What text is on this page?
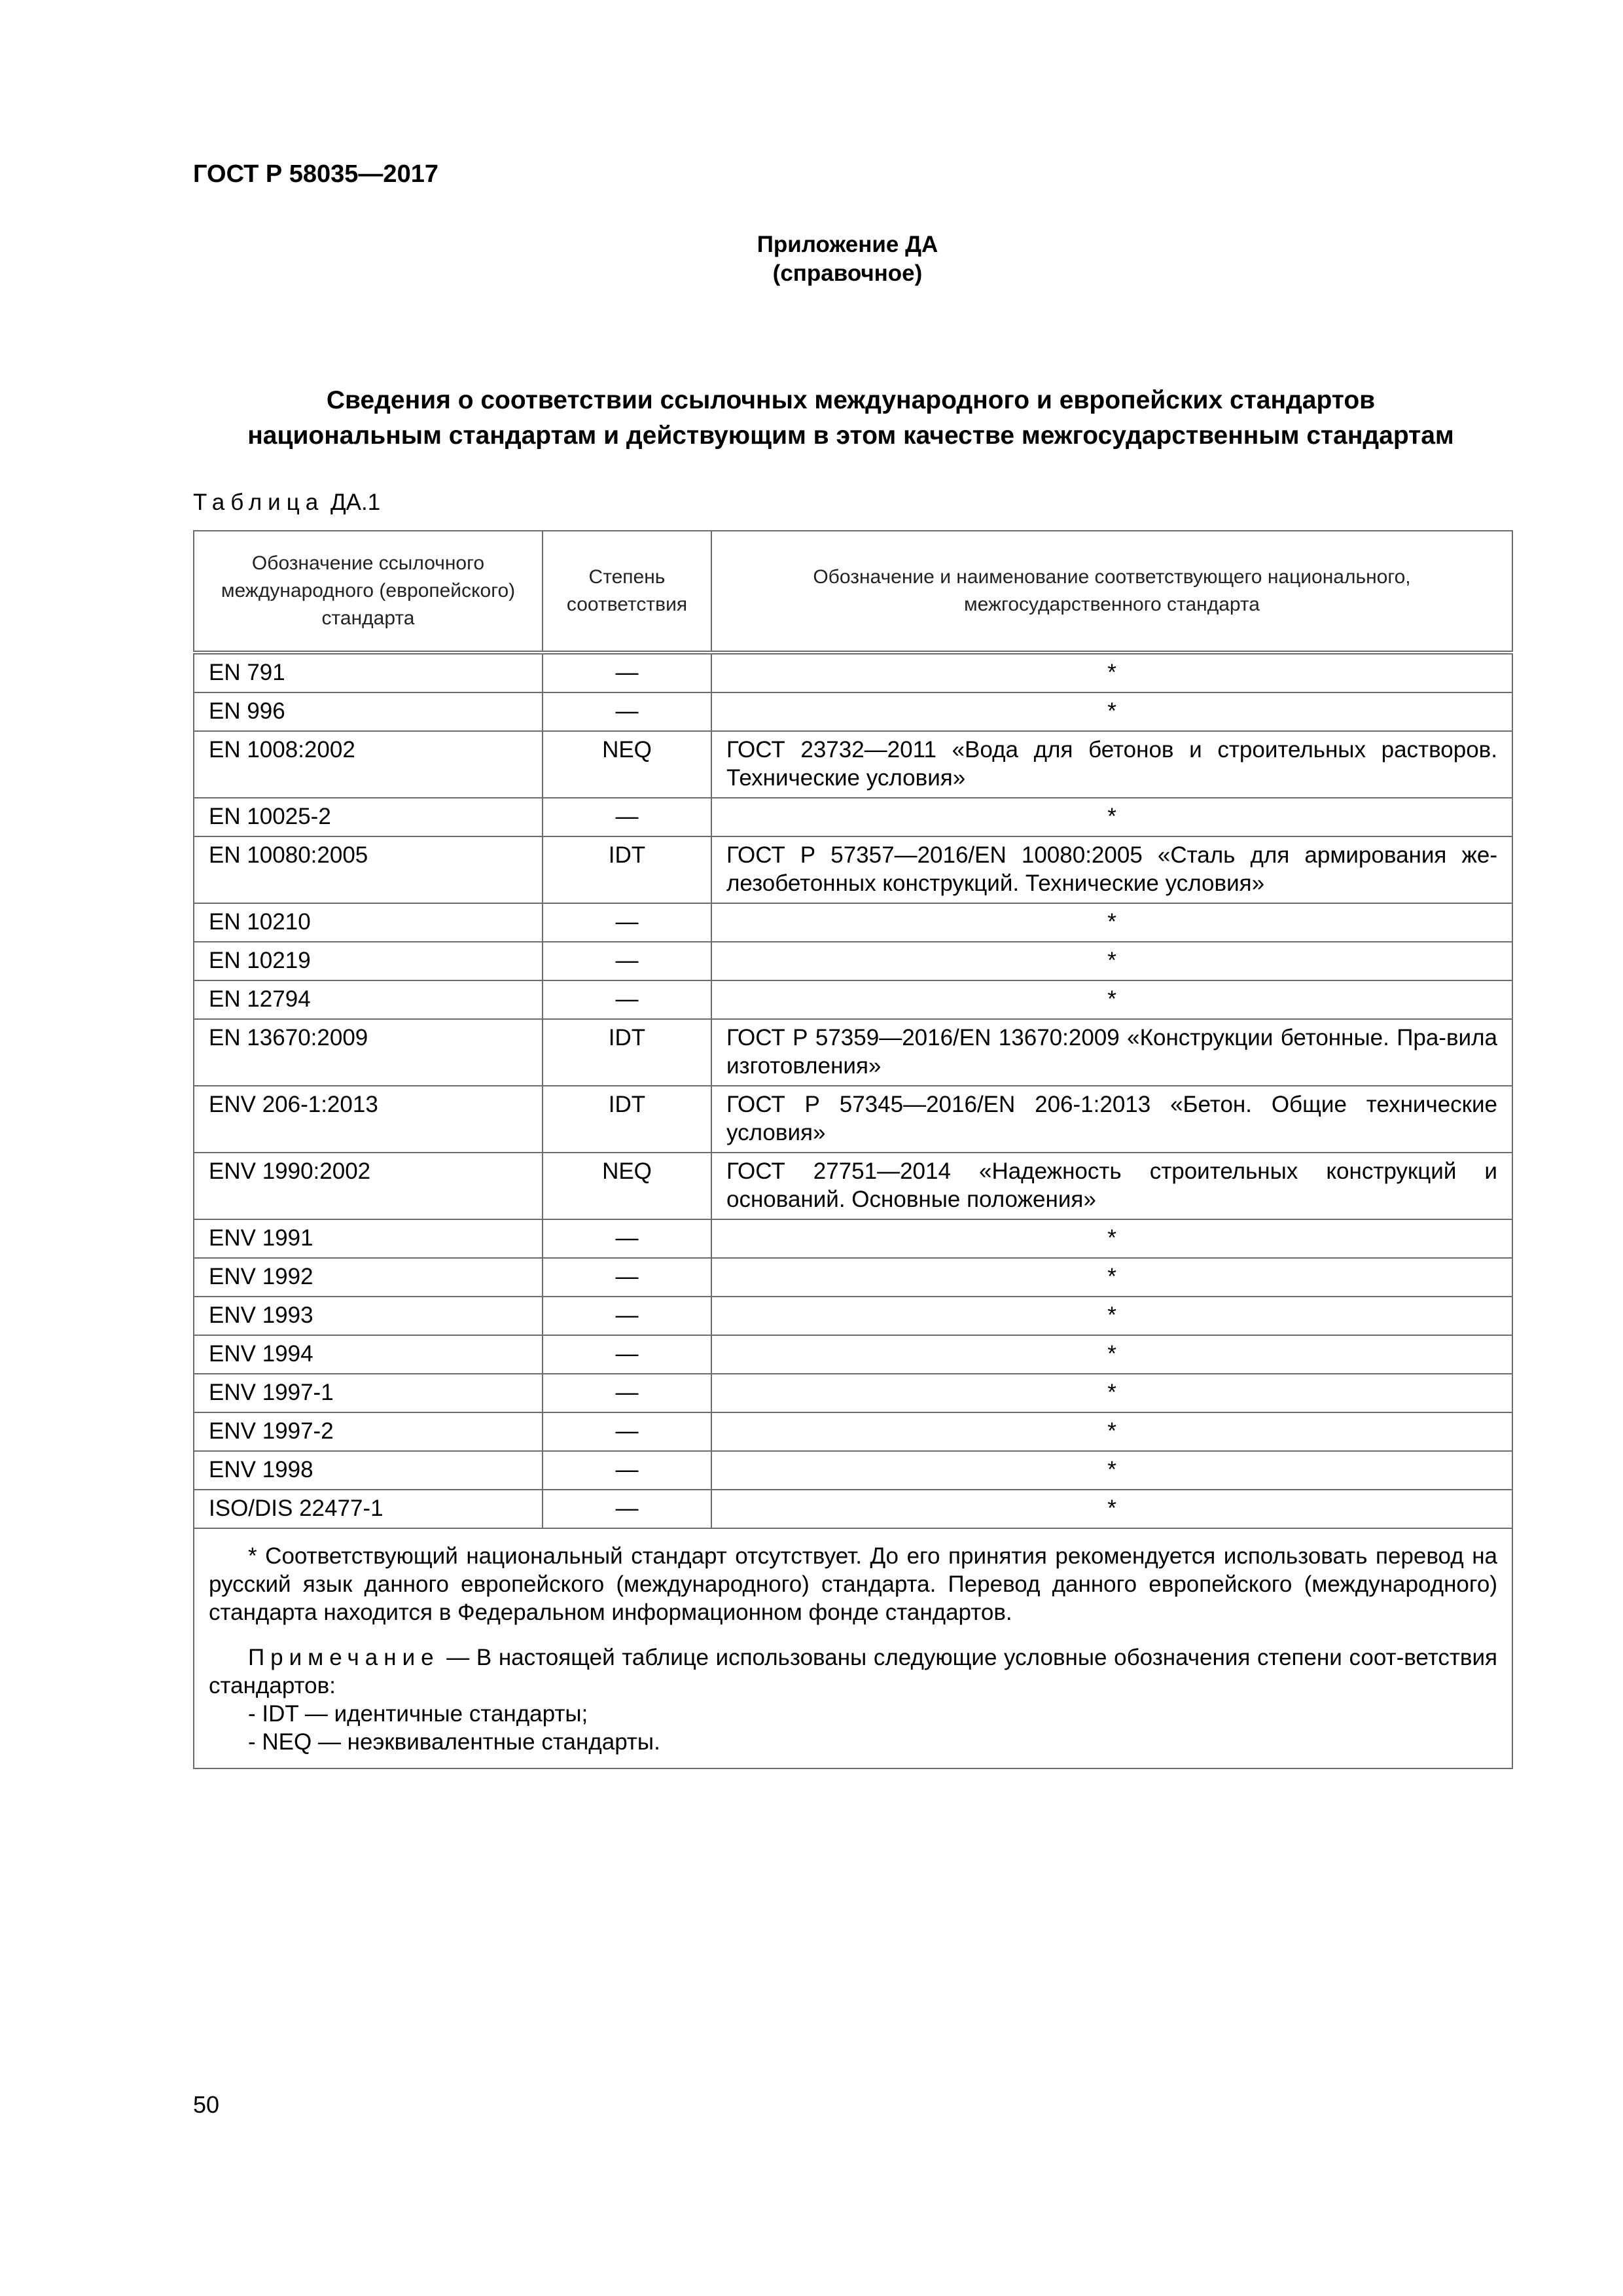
ГОСТ Р 58035—2017
Приложение ДА
(справочное)
Сведения о соответствии ссылочных международного и европейских стандартов
национальным стандартам и действующим в этом качестве межгосударственным стандартам
Таблица ДА.1
Обозначение ссылочного международного (европейского) стандарта	Степень соответствия	Обозначение и наименование соответствующего национального, межгосударственного стандарта
EN 791	—	*
EN 996	—	*
EN 1008:2002	NEQ	ГОСТ 23732—2011 «Вода для бетонов и строительных растворов. Технические условия»
EN 10025-2	—	*
EN 10080:2005	IDT	ГОСТ Р 57357—2016/EN 10080:2005 «Сталь для армирования же-лезобетонных конструкций. Технические условия»
EN 10210	—	*
EN 10219	—	*
EN 12794	—	*
EN 13670:2009	IDT	ГОСТ Р 57359—2016/EN 13670:2009 «Конструкции бетонные. Пра-вила изготовления»
ENV 206-1:2013	IDT	ГОСТ Р 57345—2016/EN 206-1:2013 «Бетон. Общие технические условия»
ENV 1990:2002	NEQ	ГОСТ 27751—2014 «Надежность строительных конструкций и оснований. Основные положения»
ENV 1991	—	*
ENV 1992	—	*
ENV 1993	—	*
ENV 1994	—	*
ENV 1997-1	—	*
ENV 1997-2	—	*
ENV 1998	—	*
ISO/DIS 22477-1	—	*

* Соответствующий национальный стандарт отсутствует. До его принятия рекомендуется использовать перевод на русский язык данного европейского (международного) стандарта. Перевод данного европейского (международного) стандарта находится в Федеральном информационном фонде стандартов.

Примечание — В настоящей таблице использованы следующие условные обозначения степени соот-ветствия стандартов:

- IDT — идентичные стандарты;

- NEQ — неэквивалентные стандарты.		

50
